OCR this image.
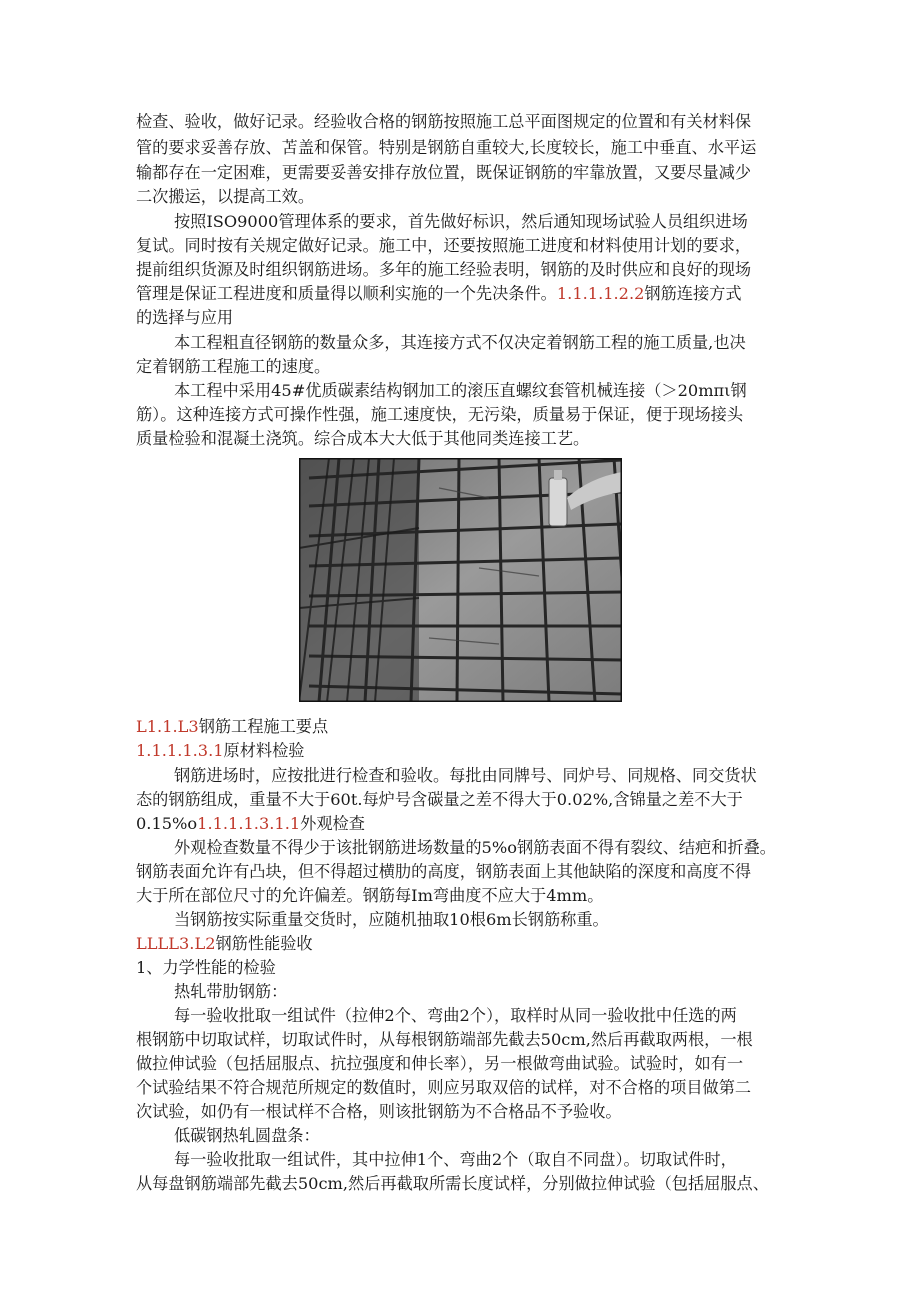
检查、验收，做好记录。经验收合格的钢筋按照施工总平面图规定的位置和有关材料保
管的要求妥善存放、苫盖和保管。特别是钢筋自重较大,长度较长，施工中垂直、水平运
输都存在一定困难，更需要妥善安排存放位置，既保证钢筋的牢靠放置，又要尽量减少
二次搬运，以提高工效。
按照ISO9000管理体系的要求，首先做好标识，然后通知现场试验人员组织进场
复试。同时按有关规定做好记录。施工中，还要按照施工进度和材料使用计划的要求，
提前组织货源及时组织钢筋进场。多年的施工经验表明，钢筋的及时供应和良好的现场
管理是保证工程进度和质量得以顺利实施的一个先决条件。1.1.1.1.2.2钢筋连接方式
的选择与应用
本工程粗直径钢筋的数量众多，其连接方式不仅决定着钢筋工程的施工质量,也决
定着钢筋工程施工的速度。
本工程中采用45#优质碳素结构钢加工的滚压直螺纹套管机械连接（＞20mπι钢
筋）。这种连接方式可操作性强，施工速度快，无污染，质量易于保证，便于现场接头
质量检验和混凝土浇筑。综合成本大大低于其他同类连接工艺。
L1.1.L3钢筋工程施工要点
1.1.1.1.3.1原材料检验
钢筋进场时，应按批进行检查和验收。每批由同牌号、同炉号、同规格、同交货状
态的钢筋组成，重量不大于60t.每炉号含碳量之差不得大于0.02%,含锦量之差不大于
0.15%o1.1.1.1.3.1.1外观检查
外观检查数量不得少于该批钢筋进场数量的5%o钢筋表面不得有裂纹、结疤和折叠。
钢筋表面允许有凸块，但不得超过横肋的高度，钢筋表面上其他缺陷的深度和高度不得
大于所在部位尺寸的允许偏差。钢筋每Im弯曲度不应大于4mm。
当钢筋按实际重量交货时，应随机抽取10根6m长钢筋称重。
LLLL3.L2钢筋性能验收
1、力学性能的检验
热轧带肋钢筋：
每一验收批取一组试件（拉伸2个、弯曲2个），取样时从同一验收批中任选的两
根钢筋中切取试样，切取试件时，从每根钢筋端部先截去50cm,然后再截取两根，一根
做拉伸试验（包括屈服点、抗拉强度和伸长率），另一根做弯曲试验。试验时，如有一
个试验结果不符合规范所规定的数值时，则应另取双倍的试样，对不合格的项目做第二
次试验，如仍有一根试样不合格，则该批钢筋为不合格品不予验收。
低碳钢热轧圆盘条：
每一验收批取一组试件，其中拉伸1个、弯曲2个（取自不同盘）。切取试件时，
从每盘钢筋端部先截去50cm,然后再截取所需长度试样，分别做拉伸试验（包括屈服点、
